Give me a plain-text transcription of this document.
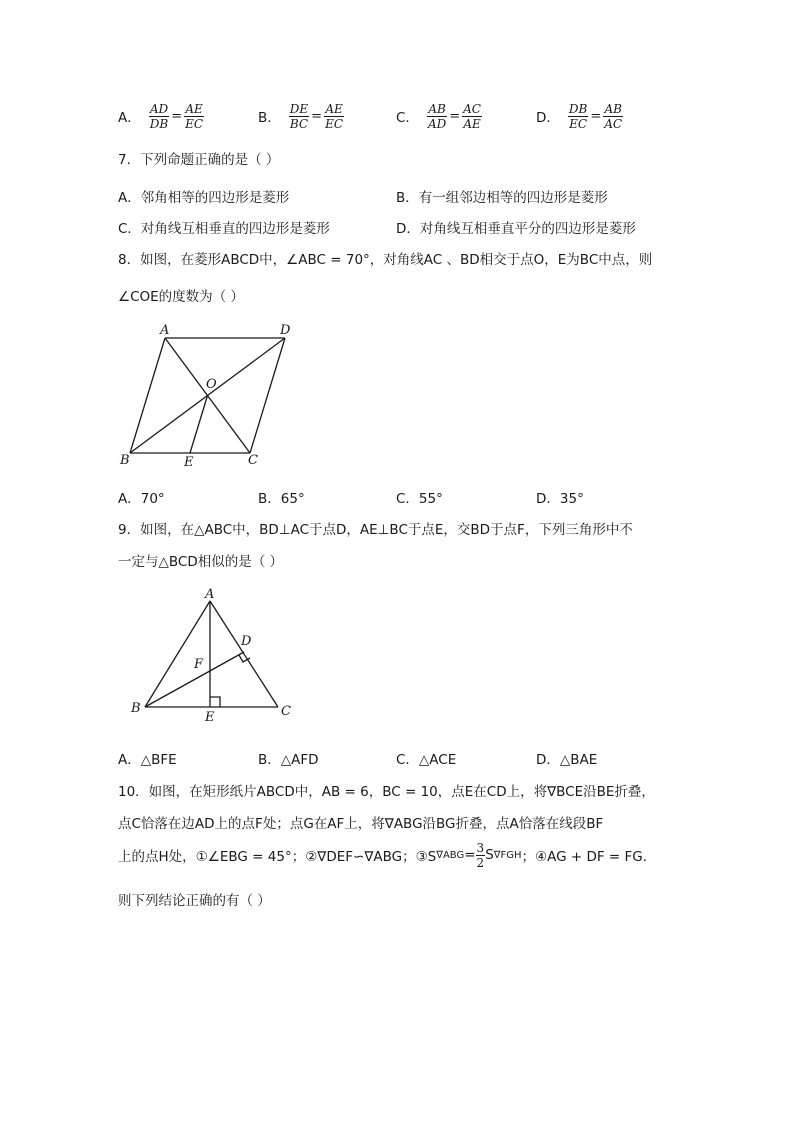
A． $\frac{AD}{DB} = \frac{AE}{EC}$	B． $\frac{DE}{BC} = \frac{AE}{EC}$	C． $\frac{AB}{AD} = \frac{AC}{AE}$	D． $\frac{DB}{EC} = \frac{AB}{AC}$
7．下列命题正确的是（ ）
A．邻角相等的四边形是菱形	B．有一组邻边相等的四边形是菱形
C．对角线互相垂直的四边形是菱形	D．对角线互相垂直平分的四边形是菱形
8．如图，在菱形ABCD中，∠ABC = 70°，对角线AC 、BD相交于点O，E为BC中点，则
∠COE的度数为（ ）
A	D
O
B	E	C
A．70°	B．65°	C．55°	D．35°
9．如图，在△ABC中，BD⊥AC于点D，AE⊥BC于点E，交BD于点F，下列三角形中不
一定与△BCD相似的是（ ）
A
D
F
B
E	C
A．△BFE	B．△AFD	C．△ACE	D．△BAE
10．如图，在矩形纸片ABCD中，AB = 6，BC = 10，点E在CD上，将∇BCE沿BE折叠，
点C恰落在边AD上的点F处；点G在AF上，将∇ABG沿BG折叠，点A恰落在线段BF
上的点H处，①∠EBG = 45°；②∇DEF∽∇ABG；③S $\nabla ABG = \frac{3}{2}$ S ∇FGH ；④AG + DF = FG.
则下列结论正确的有（ ）
